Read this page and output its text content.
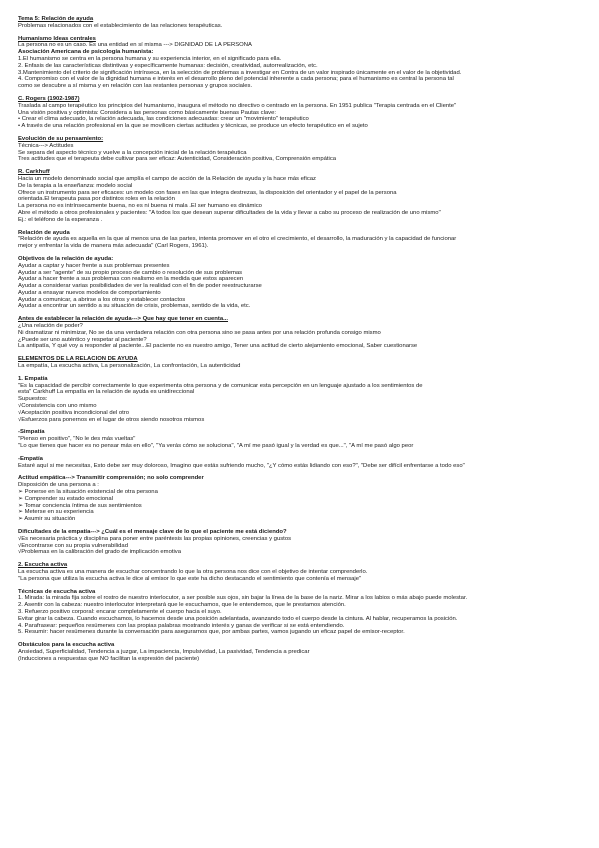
Tema 5: Relación de ayuda
Problemas relacionados con el establecimiento de las relaciones terapéuticas.
Humanismo Ideas centrales
La persona no es un caso. Es una entidad en sí misma ---> DIGNIDAD DE LA PERSONA
Asociación Americana de psicología humanista:
1.El humanismo se centra en la persona humana y su experiencia interior, en el significado para ella.
2. Énfasis de las características distintivas y específicamente humanas: decisión, creatividad, autorrealización, etc.
3.Mantenimiento del criterio de significación intrínseca, en la selección de problemas a investigar en Contra de un valor inspirado únicamente en el valor de la objetividad.
4. Compromiso con el valor de la dignidad humana e interés en el desarrollo pleno del potencial inherente a cada persona; para el humanismo es central la persona tal
como se descubre a sí misma y en relación con las restantes personas y grupos sociales.
C. Rogers (1902-1987)
Traslada al campo terapéutico los principios del humanismo, inaugura el método no directivo o centrado en la persona. En 1951 publica "Terapia centrada en el Cliente"
Una visión positiva y optimista: Considera a las personas como básicamente buenas Pautas clave:
• Crear el clima adecuado, la relación adecuada, las condiciones adecuadas: crear un "movimiento" terapéutico
• A través de una relación profesional en la que se movilicen ciertas actitudes y técnicas, se produce un efecto terapéutico en el sujeto
Evolución de su pensamiento:
Técnica---> Actitudes
Se separa del aspecto técnico y vuelve a la concepción inicial de la relación terapéutica
Tres actitudes que el terapeuta debe cultivar para ser eficaz: Autenticidad, Consideración positiva, Comprensión empática
R. Carkhuff
Hacia un modelo denominado social que amplía el campo de acción de la Relación de ayuda y la hace más eficaz
De la terapia a la enseñanza: modelo social
Ofrece un instrumento para ser eficaces: un modelo con fases en las que integra destrezas, la disposición del orientador y el papel de la persona
orientada.El terapeuta pasa por distintos roles en la relación
La persona no es intrínsecamente buena, no es ni buena ni mala .El ser humano es dinámico
Abre el método a otros profesionales y pacientes: "A todos los que desean superar dificultades de la vida y llevar a cabo su proceso de realización de uno mismo"
Ej.: el teléfono de la esperanza .
Relación de ayuda
"Relación de ayuda es aquella en la que al menos una de las partes, intenta promover en el otro el crecimiento, el desarrollo, la maduración y la capacidad de funcionar
mejor y enfrentar la vida de manera más adecuada" (Carl Rogers, 1961).
Objetivos de la relación de ayuda:
Ayudar a captar y hacer frente a sus problemas presentes
Ayudar a ser "agente" de su propio proceso de cambio o resolución de sus problemas
Ayudar a hacer frente a sus problemas con realismo en la medida que estos aparecen
Ayudar a considerar varias posibilidades de ver la realidad con el fin de poder reestructurarse
Ayudar a ensayar nuevos modelos de comportamiento
Ayudar a comunicar, a abrirse a los otros y establecer contactos
Ayudar a encontrar un sentido a su situación de crisis, problemas, sentido de la vida, etc.
Antes de establecer la relación de ayuda---> Que hay que tener en cuenta...
¿Una relación de poder?
Ni dramatizar ni minimizar, No se da una verdadera relación con otra persona sino se pasa antes por una relación profunda consigo mismo
¿Puede ser uno auténtico y respetar al paciente?
La antipatía, Y qué voy a responder al paciente...El paciente no es nuestro amigo, Tener una actitud de cierto alejamiento emocional, Saber cuestionarse
ELEMENTOS DE LA RELACIÓN DE AYUDA
La empatía, La escucha activa, La personalización, La confrontación, La autenticidad
1. Empatía
"Es la capacidad de percibir correctamente lo que experimenta otra persona y de comunicar esta percepción en un lenguaje ajustado a los sentimientos de
esta" Carkhuff La empatía en la relación de ayuda es unidireccional
Supuestos:
√Consistencia con uno mismo
√Aceptación positiva incondicional del otro
√Esfuerzos para ponernos en el lugar de otros siendo nosotros mismos
-Simpatía
"Pienso en positivo", "No le des más vueltas"
"Lo que tienes que hacer es no pensar más en ello", "Ya verás cómo se soluciona", "A mí me pasó igual y la verdad es que...", "A mí me pasó algo peor
-Empatía
Estaré aquí si me necesitas, Esto debe ser muy doloroso, Imagino que estás sufriendo mucho, "¿Y cómo estás lidiando con eso?", "Debe ser difícil enfrentarse a todo eso"
Actitud empática---> Transmitir comprensión; no solo comprender
Disposición de una persona a :
➢ Ponerse en la situación existencial de otra persona
➢ Comprender su estado emocional
➢ Tomar conciencia íntima de sus sentimientos
➢ Meterse en su experiencia
➢ Asumir su situación
Dificultades de la empatía---> ¿Cuál es el mensaje clave de lo que el paciente me está diciendo?
√Es necesaria práctica y disciplina para poner entre paréntesis las propias opiniones, creencias y gustos
√Encontrarse con su propia vulnerabilidad
√Problemas en la calibración del grado de implicación emotiva
2. Escucha activa
La escucha activa es una manera de escuchar concentrando lo que la otra persona nos dice con el objetivo de intentar comprenderlo.
"La persona que utiliza la escucha activa le dice al emisor lo que este ha dicho destacando el sentimiento que contenía el mensaje"
Técnicas de escucha activa
1. Mirada: la mirada fija sobre el rostro de nuestro interlocutor, a ser posible sus ojos, sin bajar la línea de la base de la nariz. Mirar a los labios o más abajo puede molestar.
2. Asentir con la cabeza: nuestro interlocutor interpretará que le escuchamos, que le entendemos, que le prestamos atención.
3. Refuerzo positivo corporal: encarar completamente el cuerpo hacia el suyo.
Evitar girar la cabeza. Cuando escuchamos, lo hacemos desde una posición adelantada, avanzando todo el cuerpo desde la cintura. Al hablar, recuperamos la posición.
4. Parafrasear: pequeños resúmenes con las propias palabras mostrando interés y ganas de verificar si se está entendiendo.
5. Resumir: hacer resúmenes durante la conversación para asegurarnos que, por ambas partes, vamos jugando un eficaz papel de emisor-receptor.
Obstáculos para la escucha activa
Ansiedad, Superficialidad, Tendencia a juzgar, La impaciencia, Impulsividad, La pasividad, Tendencia a predicar
(Inducciones a respuestas que NO facilitan la expresión del paciente)
